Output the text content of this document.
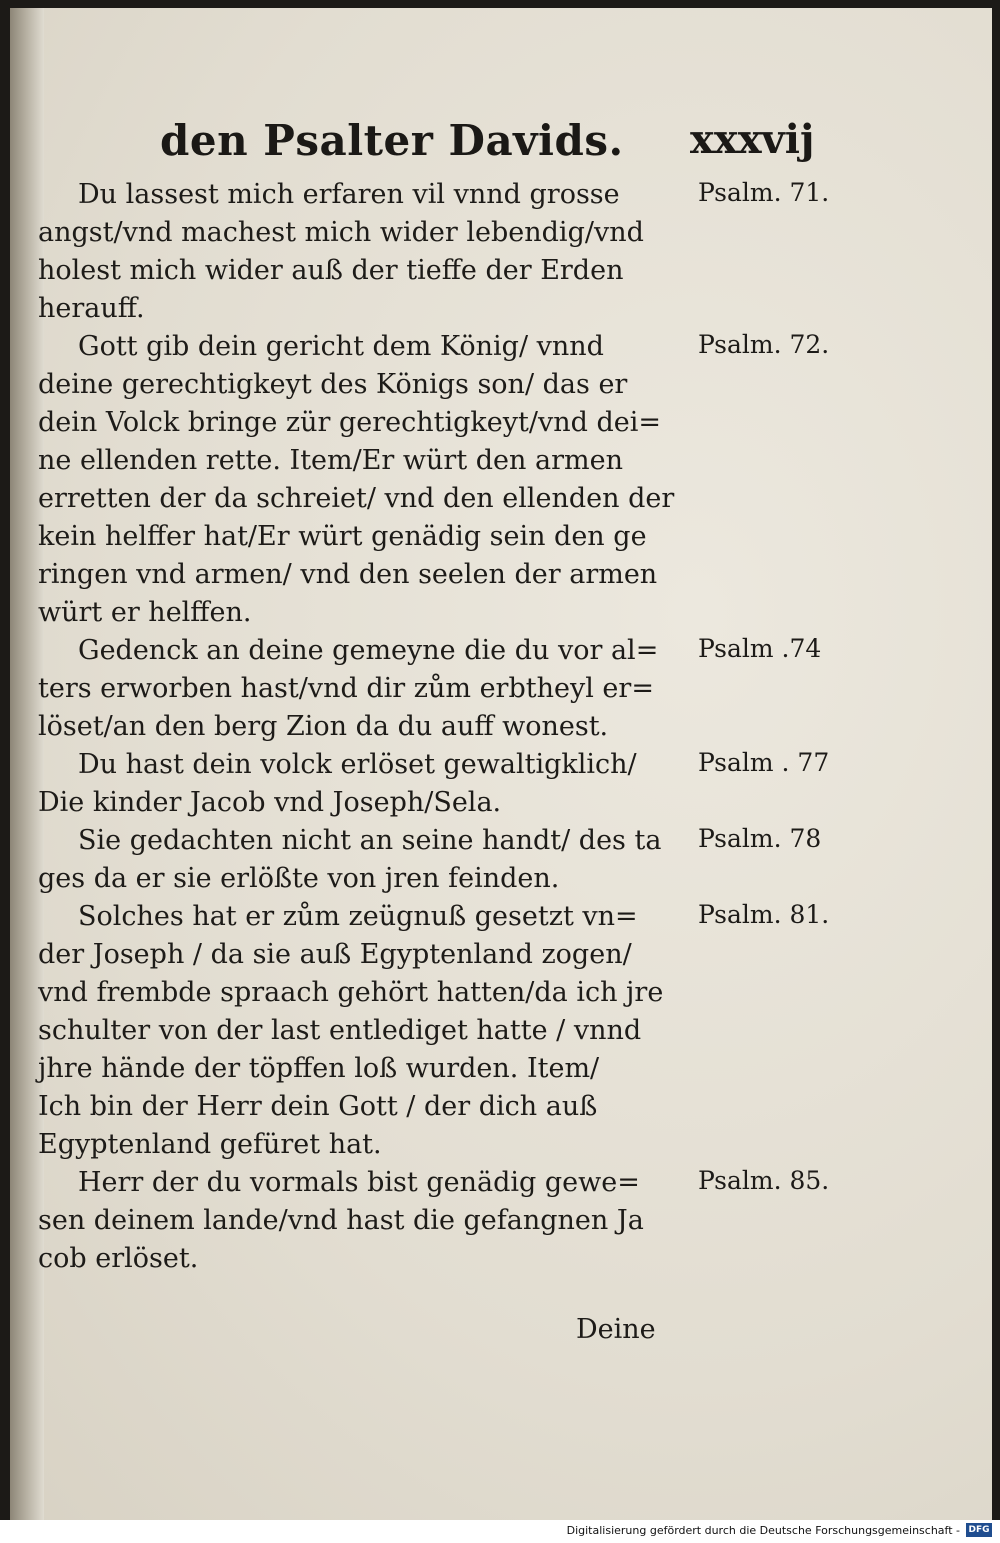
den Psalter Davids. xxxvij
Du lassest mich erfaren vil vnnd grosse
angst/vnd machest mich wider lebendig/vnd
holest mich wider auß der tieffe der Erden
herauff.
Gott gib dein gericht dem König/ vnnd
deine gerechtigkeyt des Königs son/ das er
dein Volck bringe zür gerechtigkeyt/vnd dei=
ne ellenden rette. Item/Er würt den armen
erretten der da schreiet/ vnd den ellenden der
kein helffer hat/Er würt genädig sein den ge
ringen vnd armen/ vnd den seelen der armen
würt er helffen.
Gedenck an deine gemeyne die du vor al=
ters erworben hast/vnd dir zům erbtheyl er=
löset/an den berg Zion da du auff wonest.
Du hast dein volck erlöset gewaltigklich/
Die kinder Jacob vnd Joseph/Sela.
Sie gedachten nicht an seine handt/ des ta
ges da er sie erlößte von jren feinden.
Solches hat er zům zeügnuß gesetzt vn=
der Joseph / da sie auß Egyptenland zogen/
vnd frembde spraach gehört hatten/da ich jre
schulter von der last entlediget hatte / vnnd
jhre hände der töpffen loß wurden. Item/
Ich bin der Herr dein Gott / der dich auß
Egyptenland gefüret hat.
Herr der du vormals bist genädig gewe=
sen deinem lande/vnd hast die gefangnen Ja
cob erlöset.
Psalm. 71.
Psalm. 72.
Psalm .74
Psalm . 77
Psalm. 78
Psalm. 81.
Psalm. 85.
Deine
Digitalisierung gefördert durch die Deutsche Forschungsgemeinschaft - DFG
